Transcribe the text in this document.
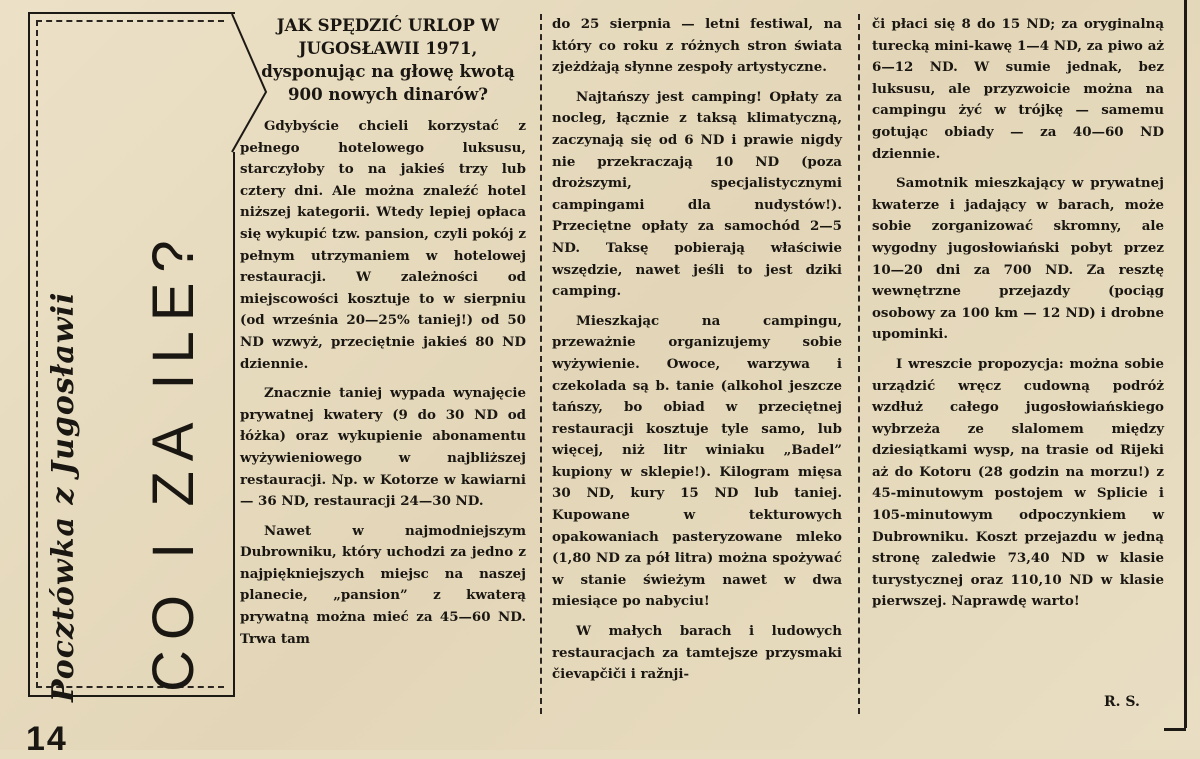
Pocztówka z Jugosławii CO I ZA ILE?
JAK SPĘDZIĆ URLOP W JUGOSŁAWII 1971, dysponując na głowę kwotą 900 nowych dinarów?

Gdybyście chcieli korzystać z pełnego hotelowego luksusu, starczyłoby to na jakieś trzy lub cztery dni. Ale można znaleźć hotel niższej kategorii. Wtedy lepiej opłaca się wykupić tzw. pansion, czyli pokój z pełnym utrzymaniem w hotelowej restauracji. W zależności od miejscowości kosztuje to w sierpniu (od września 20—25% taniej!) od 50 ND wzwyż, przeciętnie jakieś 80 ND dziennie.

Znacznie taniej wypada wynajęcie prywatnej kwatery (9 do 30 ND od łóżka) oraz wykupienie abonamentu wyżywieniowego w najbliższej restauracji. Np. w Kotorze w kawiarni — 36 ND, restauracji 24—30 ND.

Nawet w najmodniejszym Dubrowniku, który uchodzi za jedno z najpiękniejszych miejsc na naszej planecie, „pansion” z kwaterą prywatną można mieć za 45—60 ND. Trwa tam

do 25 sierpnia — letni festiwal, na który co roku z różnych stron świata zjeżdżają słynne zespoły artystyczne.

Najtańszy jest camping! Opłaty za nocleg, łącznie z taksą klimatyczną, zaczynają się od 6 ND i prawie nigdy nie przekraczają 10 ND (poza droższymi, specjalistycznymi campingami dla nudystów!). Przeciętne opłaty za samochód 2—5 ND. Taksę pobierają właściwie wszędzie, nawet jeśli to jest dziki camping.

Mieszkając na campingu, przeważnie organizujemy sobie wyżywienie. Owoce, warzywa i czekolada są b. tanie (alkohol jeszcze tańszy, bo obiad w przeciętnej restauracji kosztuje tyle samo, lub więcej, niż litr winiaku „Badel” kupiony w sklepie!). Kilogram mięsa 30 ND, kury 15 ND lub taniej. Kupowane w tekturowych opakowaniach pasteryzowane mleko (1,80 ND za pół litra) można spożywać w stanie świeżym nawet w dwa miesiące po nabyciu!

W małych barach i ludowych restauracjach za tamtejsze przysmaki čievapčiči i ražnji-

či płaci się 8 do 15 ND; za oryginalną turecką mini-kawę 1—4 ND, za piwo aż 6—12 ND. W sumie jednak, bez luksusu, ale przyzwoicie można na campingu żyć w trójkę — samemu gotując obiady — za 40—60 ND dziennie.

Samotnik mieszkający w prywatnej kwaterze i jadający w barach, może sobie zorganizować skromny, ale wygodny jugosłowiański pobyt przez 10—20 dni za 700 ND. Za resztę wewnętrzne przejazdy (pociąg osobowy za 100 km — 12 ND) i drobne upominki.

I wreszcie propozycja: można sobie urządzić wręcz cudowną podróż wzdłuż całego jugosłowiańskiego wybrzeża ze slalomem między dziesiątkami wysp, na trasie od Rijeki aż do Kotoru (28 godzin na morzu!) z 45-minutowym postojem w Splicie i 105-minutowym odpoczynkiem w Dubrowniku. Koszt przejazdu w jedną stronę zaledwie 73,40 ND w klasie turystycznej oraz 110,10 ND w klasie pierwszej. Naprawdę warto!

R. S.
14
